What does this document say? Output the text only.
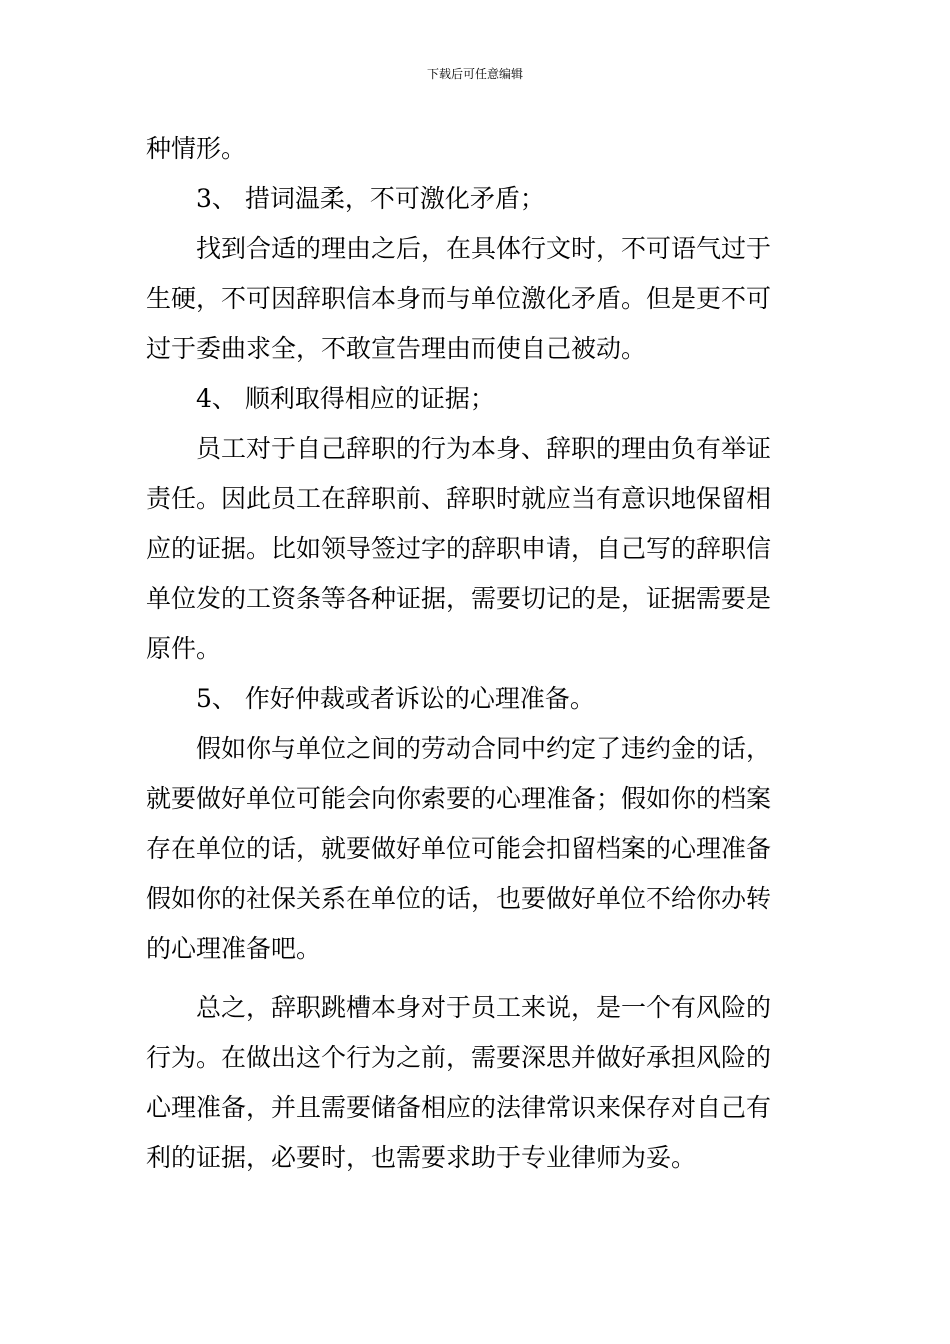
下载后可任意编辑
种情形。
3、 措词温柔，不可激化矛盾；
找到合适的理由之后，在具体行文时，不可语气过于
生硬，不可因辞职信本身而与单位激化矛盾。但是更不可
过于委曲求全，不敢宣告理由而使自己被动。
4、 顺利取得相应的证据；
员工对于自己辞职的行为本身、辞职的理由负有举证
责任。因此员工在辞职前、辞职时就应当有意识地保留相
应的证据。比如领导签过字的辞职申请，自己写的辞职信
单位发的工资条等各种证据，需要切记的是，证据需要是
原件。
5、 作好仲裁或者诉讼的心理准备。
假如你与单位之间的劳动合同中约定了违约金的话，
就要做好单位可能会向你索要的心理准备；假如你的档案
存在单位的话，就要做好单位可能会扣留档案的心理准备
假如你的社保关系在单位的话，也要做好单位不给你办转
的心理准备吧。
总之，辞职跳槽本身对于员工来说，是一个有风险的
行为。在做出这个行为之前，需要深思并做好承担风险的
心理准备，并且需要储备相应的法律常识来保存对自己有
利的证据，必要时，也需要求助于专业律师为妥。
